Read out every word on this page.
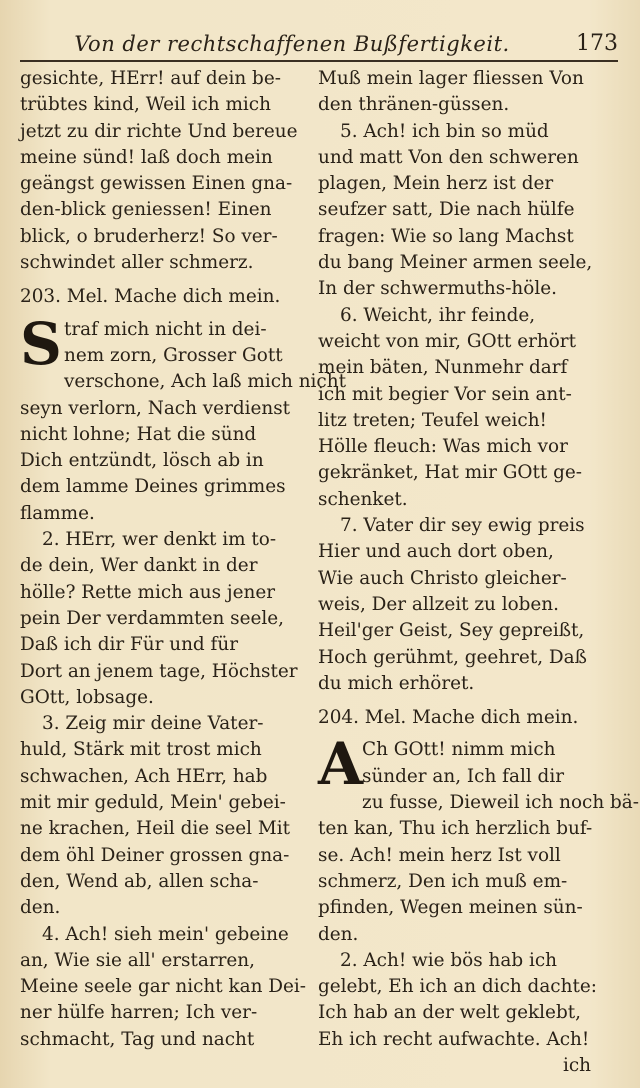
Von der rechtschaffenen Bußfertigkeit.	173
gesichte, HErr! auf dein be-
trübtes kind, Weil ich mich
jetzt zu dir richte Und bereue
meine sünd! laß doch mein
geängst gewissen Einen gna-
den-blick geniessen! Einen
blick, o bruderherz! So ver-
schwindet aller schmerz.
203. Mel. Mache dich mein.
S traf mich nicht in dei-
nem zorn, Grosser Gott
verschone, Ach laß mich nicht
seyn verlorn, Nach verdienst
nicht lohne; Hat die sünd
Dich entzündt, lösch ab in
dem lamme Deines grimmes
flamme.
2. HErr, wer denkt im to-
de dein, Wer dankt in der
hölle? Rette mich aus jener
pein Der verdammten seele,
Daß ich dir Für und für
Dort an jenem tage, Höchster
GOtt, lobsage.
3. Zeig mir deine Vater-
huld, Stärk mit trost mich
schwachen, Ach HErr, hab
mit mir geduld, Mein' gebei-
ne krachen, Heil die seel Mit
dem öhl Deiner grossen gna-
den, Wend ab, allen scha-
den.
4. Ach! sieh mein' gebeine
an, Wie sie all' erstarren,
Meine seele gar nicht kan Dei-
ner hülfe harren; Ich ver-
schmacht, Tag und nacht
Muß mein lager fliessen Von
den thränen-güssen.
5. Ach! ich bin so müd
und matt Von den schweren
plagen, Mein herz ist der
seufzer satt, Die nach hülfe
fragen: Wie so lang Machst
du bang Meiner armen seele,
In der schwermuths-höle.
6. Weicht, ihr feinde,
weicht von mir, GOtt erhört
mein bäten, Nunmehr darf
ich mit begier Vor sein ant-
litz treten; Teufel weich!
Hölle fleuch: Was mich vor
gekränket, Hat mir GOtt ge-
schenket.
7. Vater dir sey ewig preis
Hier und auch dort oben,
Wie auch Christo gleicher-
weis, Der allzeit zu loben.
Heil'ger Geist, Sey gepreißt,
Hoch gerühmt, geehret, Daß
du mich erhöret.
204. Mel. Mache dich mein.
A
Ch GOtt! nimm mich
sünder an, Ich fall dir
zu fusse, Dieweil ich noch bä-
ten kan, Thu ich herzlich buf-
se. Ach! mein herz Ist voll
schmerz, Den ich muß em-
pfinden, Wegen meinen sün-
den.
2. Ach! wie bös hab ich
gelebt, Eh ich an dich dachte:
Ich hab an der welt geklebt,
Eh ich recht aufwachte. Ach!
ich
